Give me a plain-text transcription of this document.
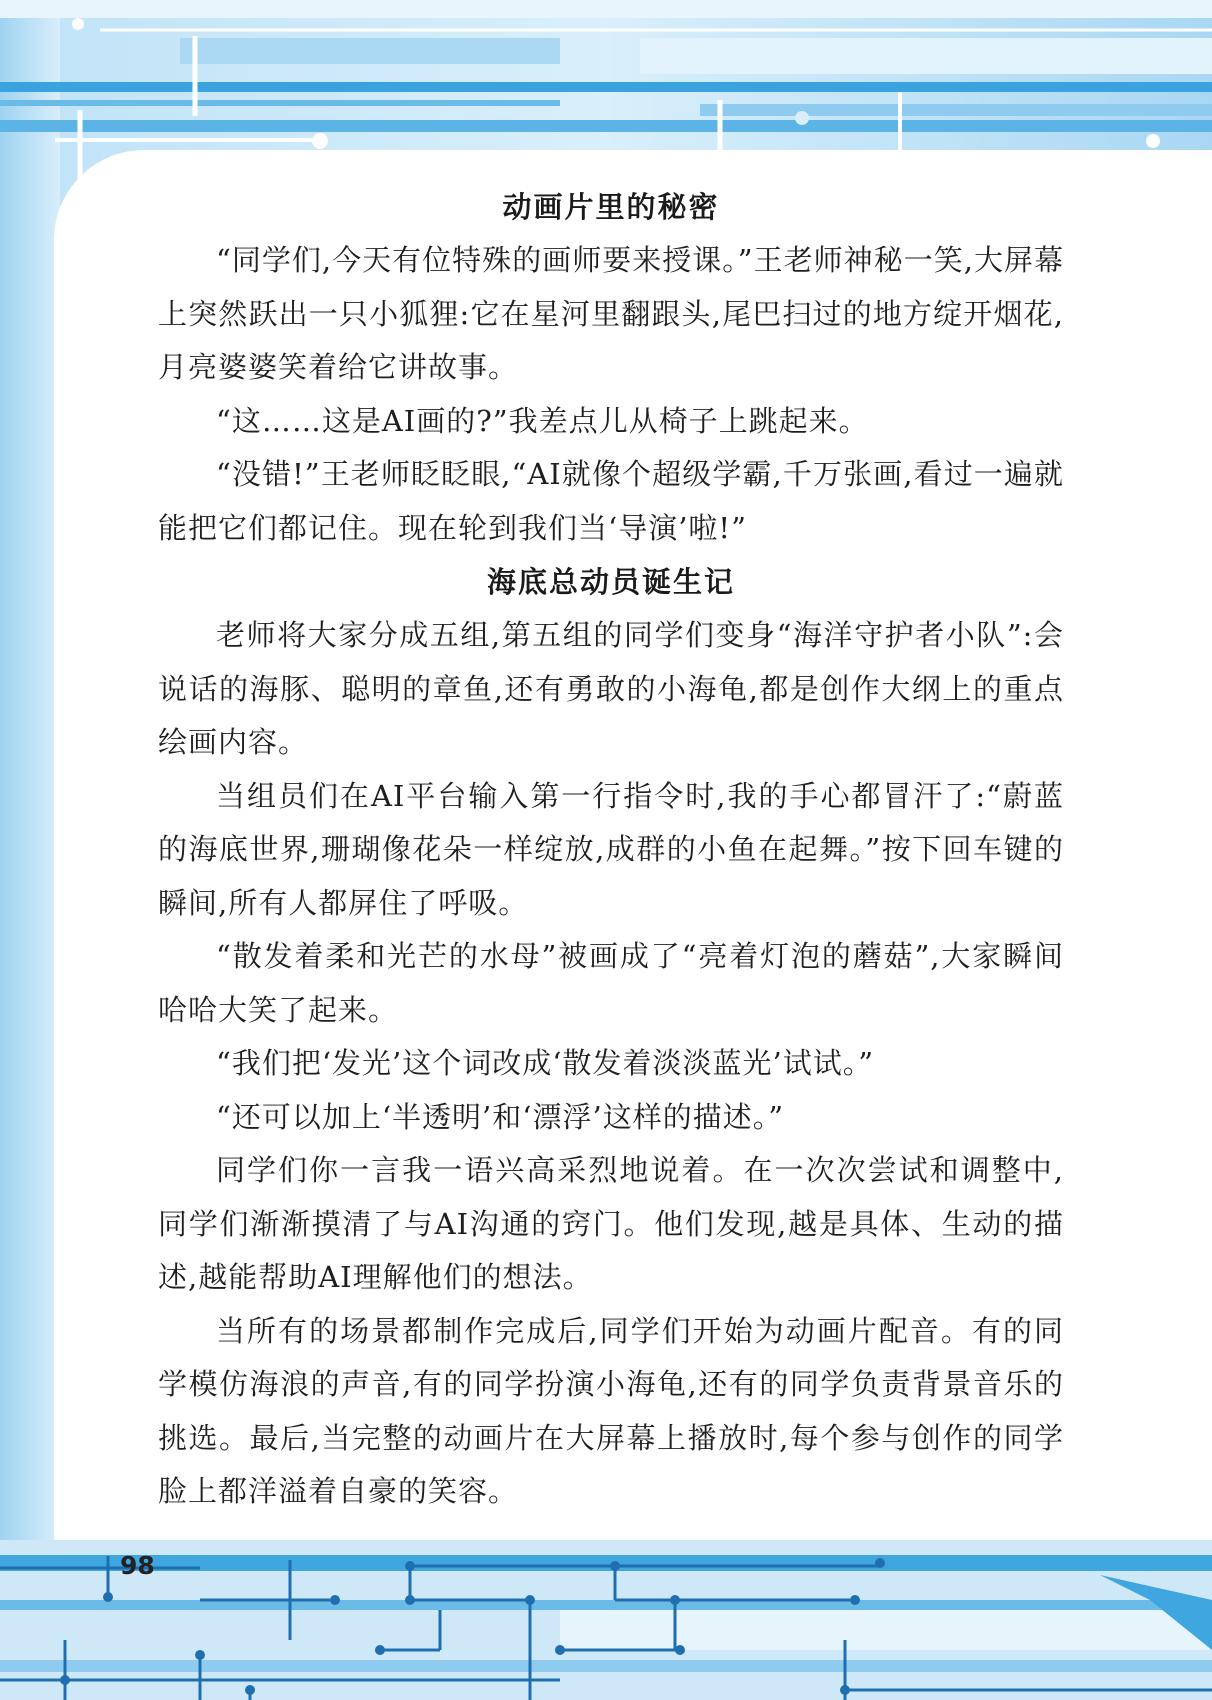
动画片里的秘密

“同学们,今天有位特殊的画师要来授课。”王老师神秘一笑,大屏幕上突然跃出一只小狐狸:它在星河里翻跟头,尾巴扫过的地方绽开烟花,月亮婆婆笑着给它讲故事。

“这……这是AI画的?”我差点儿从椅子上跳起来。

“没错!”王老师眨眨眼,“AI就像个超级学霸,千万张画,看过一遍就能把它们都记住。现在轮到我们当‘导演’啦!”

海底总动员诞生记

老师将大家分成五组,第五组的同学们变身“海洋守护者小队”:会说话的海豚、聪明的章鱼,还有勇敢的小海龟,都是创作大纲上的重点绘画内容。

当组员们在AI平台输入第一行指令时,我的手心都冒汗了:“蔚蓝的海底世界,珊瑚像花朵一样绽放,成群的小鱼在起舞。”按下回车键的瞬间,所有人都屏住了呼吸。

“散发着柔和光芒的水母”被画成了“亮着灯泡的蘑菇”,大家瞬间哈哈大笑了起来。

“我们把‘发光’这个词改成‘散发着淡淡蓝光’试试。”

“还可以加上‘半透明’和‘漂浮’这样的描述。”

同学们你一言我一语兴高采烈地说着。在一次次尝试和调整中,同学们渐渐摸清了与AI沟通的窍门。他们发现,越是具体、生动的描述,越能帮助AI理解他们的想法。

当所有的场景都制作完成后,同学们开始为动画片配音。有的同学模仿海浪的声音,有的同学扮演小海龟,还有的同学负责背景音乐的挑选。最后,当完整的动画片在大屏幕上播放时,每个参与创作的同学脸上都洋溢着自豪的笑容。

98
